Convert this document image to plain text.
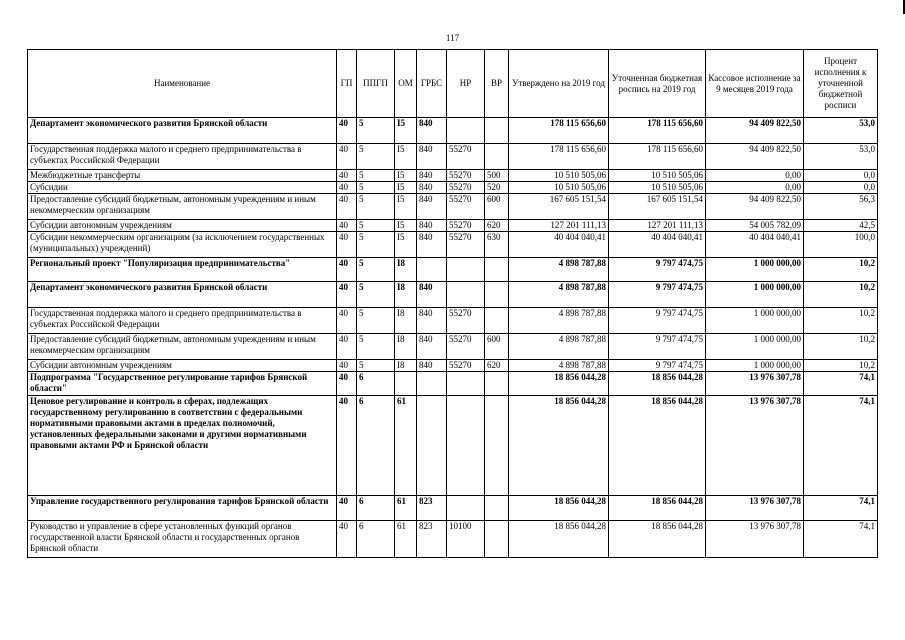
117
Наименование	ГП	ППГП	ОМ	ГРБС	НР	ВР	Утверждено на 2019 год	Уточненная бюджетная роспись на 2019 год	Кассовое исполнение за 9 месяцев 2019 года	Процент исполнения к уточненной бюджетной росписи
Департамент экономического развития Брянской области	40	5	I5	840			178 115 656,60	178 115 656,60	94 409 822,50	53,0
Государственная поддержка малого и среднего предпринимательства в субъектах Российской Федерации	40	5	I5	840	55270		178 115 656,60	178 115 656,60	94 409 822,50	53,0
Межбюджетные трансферты	40	5	I5	840	55270	500	10 510 505,06	10 510 505,06	0,00	0,0
Субсидии	40	5	I5	840	55270	520	10 510 505,06	10 510 505,06	0,00	0,0
Предоставление субсидий бюджетным, автономным учреждениям и иным некоммерческим организациям	40	5	I5	840	55270	600	167 605 151,54	167 605 151,54	94 409 822,50	56,3
Субсидии автономным учреждениям	40	5	I5	840	55270	620	127 201 111,13	127 201 111,13	54 005 782,09	42,5
Субсидии некоммерческим организациям (за исключением государственных (муниципальных) учреждений)	40	5	I5	840	55270	630	40 404 040,41	40 404 040,41	40 404 040,41	100,0
Региональный проект "Популяризация предпринимательства"	40	5	I8				4 898 787,88	9 797 474,75	1 000 000,00	10,2
Департамент экономического развития Брянской области	40	5	I8	840			4 898 787,88	9 797 474,75	1 000 000,00	10,2
Государственная поддержка малого и среднего предпринимательства в субъектах Российской Федерации	40	5	I8	840	55270		4 898 787,88	9 797 474,75	1 000 000,00	10,2
Предоставление субсидий бюджетным, автономным учреждениям и иным некоммерческим организациям	40	5	I8	840	55270	600	4 898 787,88	9 797 474,75	1 000 000,00	10,2
Субсидии автономным учреждениям	40	5	I8	840	55270	620	4 898 787,88	9 797 474,75	1 000 000,00	10,2
Подпрограмма "Государственное регулирование тарифов Брянской области"	40	6					18 856 044,28	18 856 044,28	13 976 307,78	74,1
Ценовое регулирование и контроль в сферах, подлежащих государственному регулированию в соответствии с федеральными нормативными правовыми актами в пределах полномочий, установленных федеральными законами и другими нормативными правовыми актами РФ и Брянской области	40	6	61				18 856 044,28	18 856 044,28	13 976 307,78	74,1
Управление государственного регулирования тарифов Брянской области	40	6	61	823			18 856 044,28	18 856 044,28	13 976 307,78	74,1
Руководство и управление в сфере установленных функций органов государственной власти Брянской области и государственных органов Брянской области	40	6	61	823	10100		18 856 044,28	18 856 044,28	13 976 307,78	74,1
